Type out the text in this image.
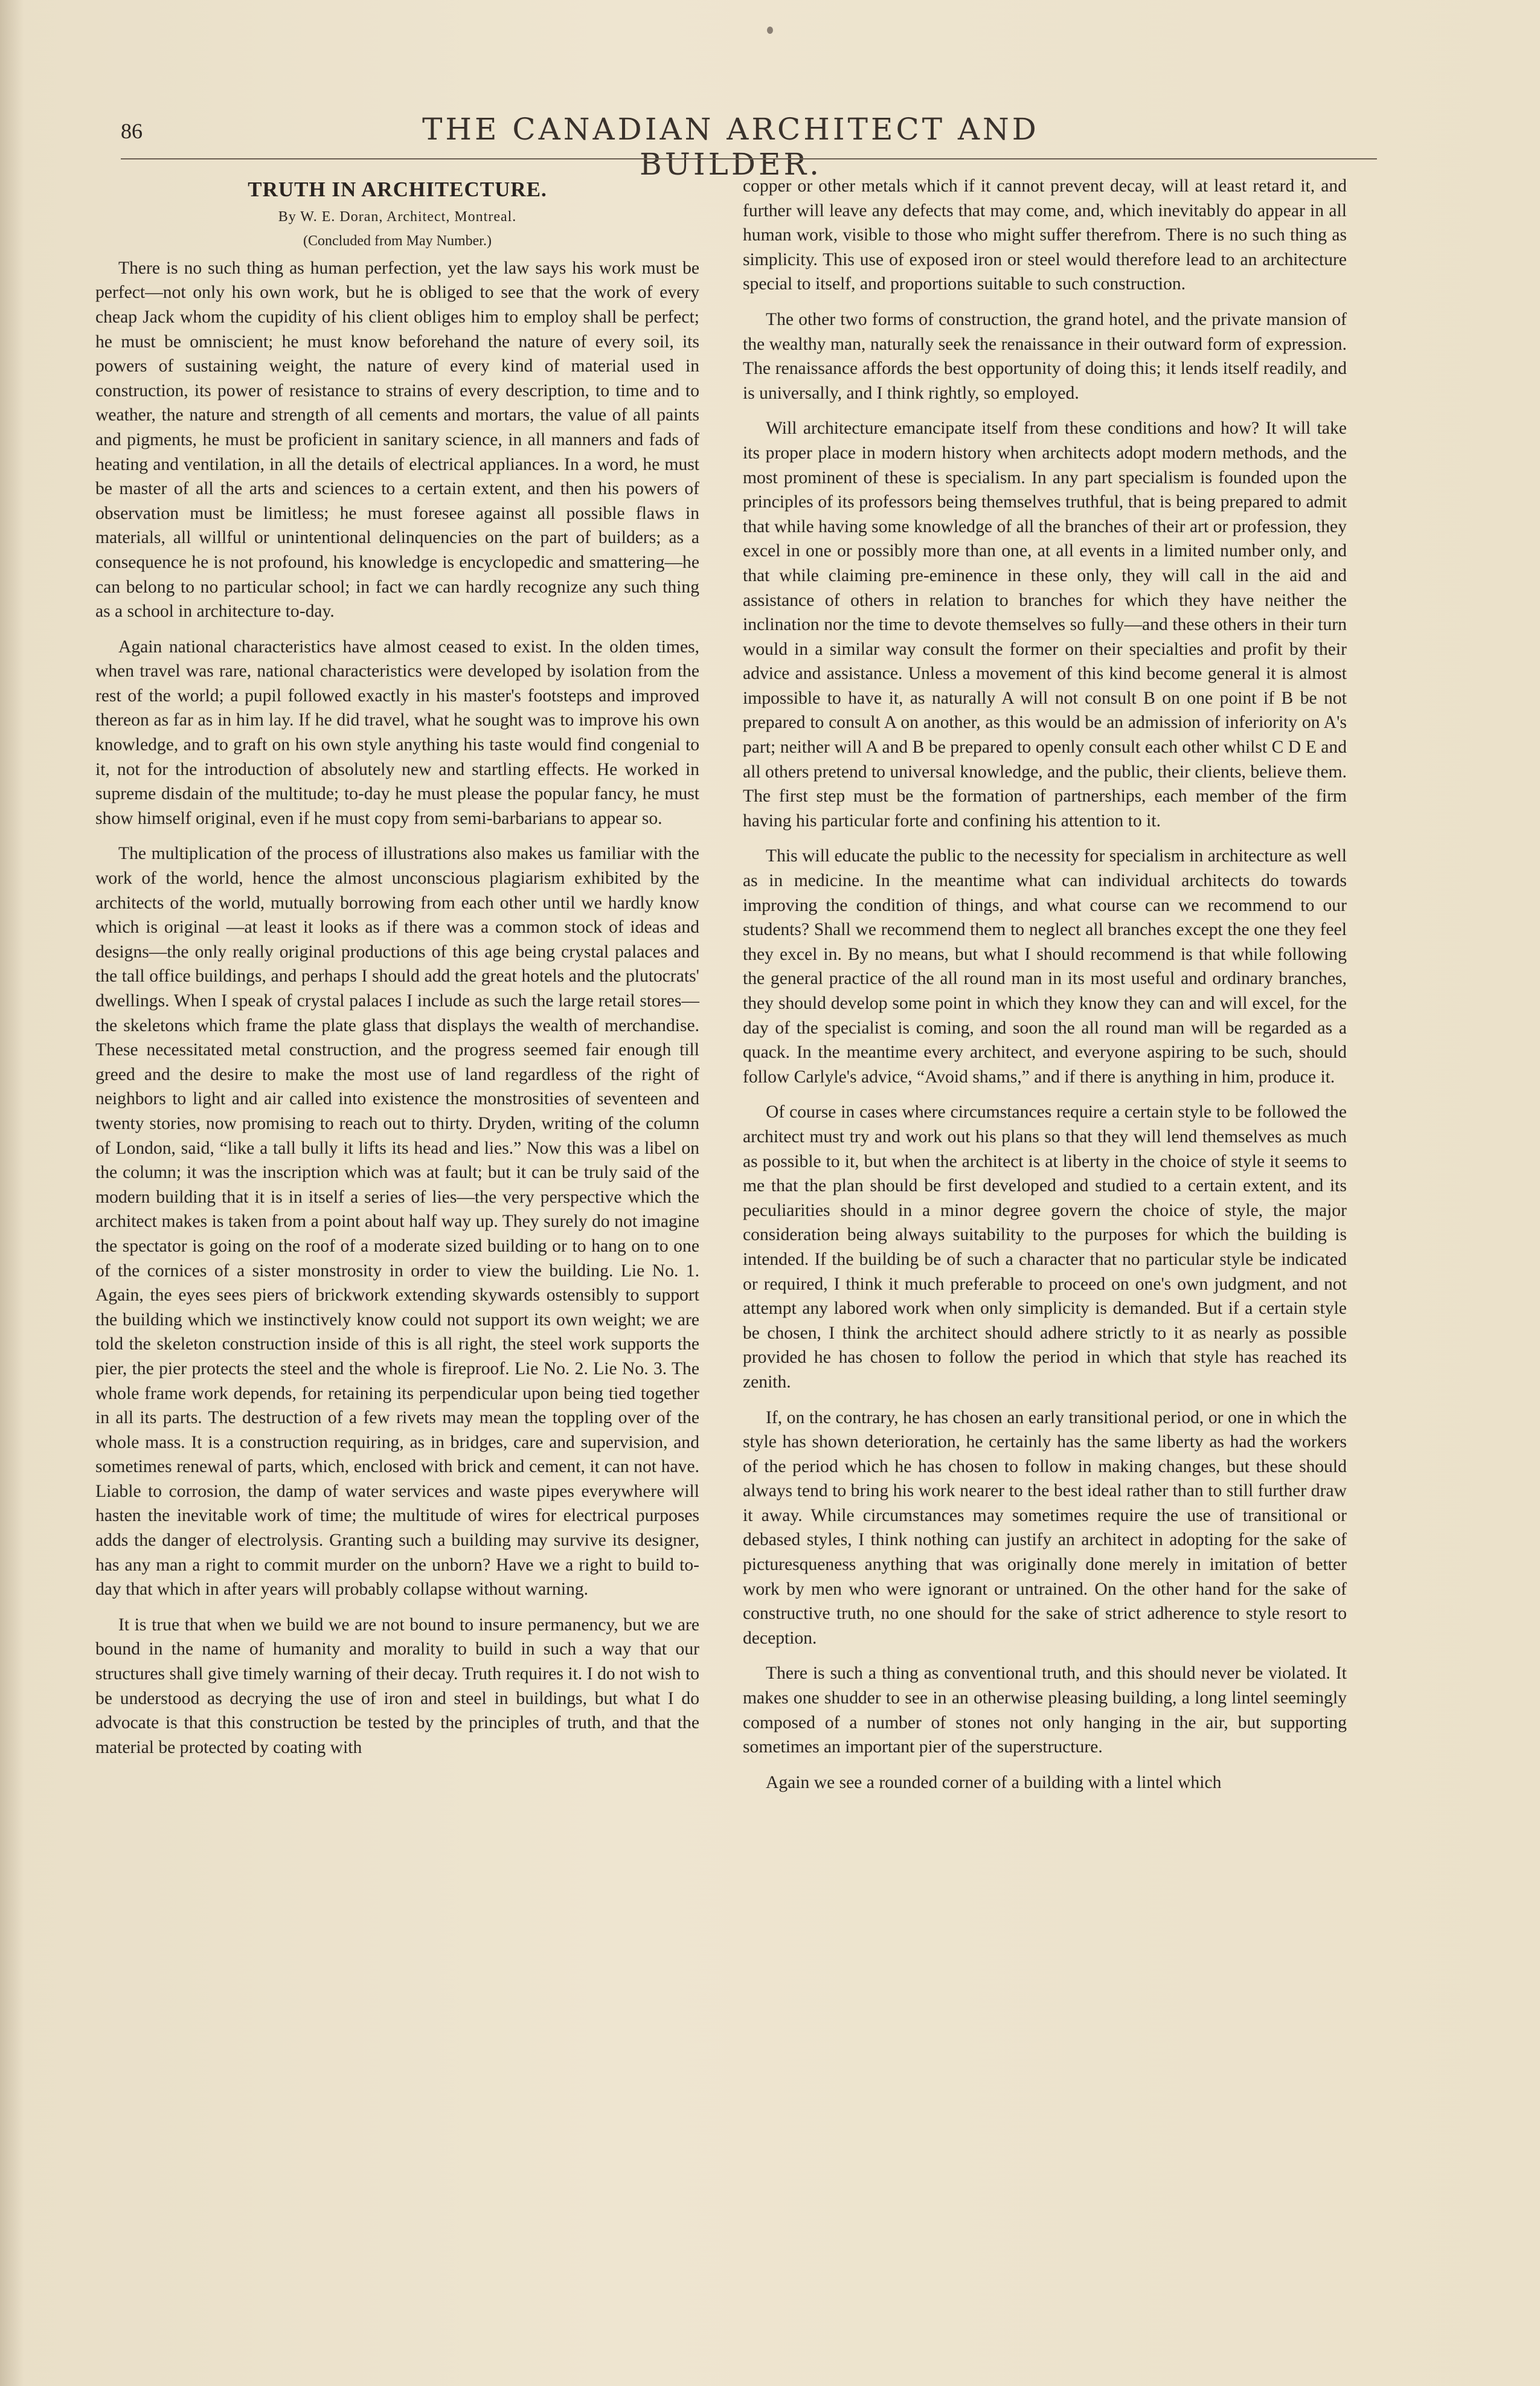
86	THE CANADIAN ARCHITECT AND BUILDER.
TRUTH IN ARCHITECTURE.
By W. E. Doran, Architect, Montreal.
(Concluded from May Number.)

There is no such thing as human perfection, yet the law says his work must be perfect—not only his own work, but he is obliged to see that the work of every cheap Jack whom the cupidity of his client obliges him to employ shall be perfect; he must be omniscient; he must know beforehand the nature of every soil, its powers of sustaining weight, the nature of every kind of material used in construction, its power of resistance to strains of every description, to time and to weather, the nature and strength of all cements and mortars, the value of all paints and pigments, he must be proficient in sanitary science, in all manners and fads of heating and ventilation, in all the details of electrical appliances. In a word, he must be master of all the arts and sciences to a certain extent, and then his powers of observation must be limitless; he must foresee against all possible flaws in materials, all willful or unintentional delinquencies on the part of builders; as a consequence he is not profound, his knowledge is encyclopedic and smattering—he can belong to no particular school; in fact we can hardly recognize any such thing as a school in architecture to-day.

Again national characteristics have almost ceased to exist. In the olden times, when travel was rare, national characteristics were developed by isolation from the rest of the world; a pupil followed exactly in his master's footsteps and improved thereon as far as in him lay. If he did travel, what he sought was to improve his own knowledge, and to graft on his own style anything his taste would find congenial to it, not for the introduction of absolutely new and startling effects. He worked in supreme disdain of the multitude; to-day he must please the popular fancy, he must show himself original, even if he must copy from semi-barbarians to appear so.

The multiplication of the process of illustrations also makes us familiar with the work of the world, hence the almost unconscious plagiarism exhibited by the architects of the world, mutually borrowing from each other until we hardly know which is original —at least it looks as if there was a common stock of ideas and designs—the only really original productions of this age being crystal palaces and the tall office buildings, and perhaps I should add the great hotels and the plutocrats' dwellings. When I speak of crystal palaces I include as such the large retail stores—the skeletons which frame the plate glass that displays the wealth of merchandise. These necessitated metal construction, and the progress seemed fair enough till greed and the desire to make the most use of land regardless of the right of neighbors to light and air called into existence the monstrosities of seventeen and twenty stories, now promising to reach out to thirty. Dryden, writing of the column of London, said, “like a tall bully it lifts its head and lies.” Now this was a libel on the column; it was the inscription which was at fault; but it can be truly said of the modern building that it is in itself a series of lies—the very perspective which the architect makes is taken from a point about half way up. They surely do not imagine the spectator is going on the roof of a moderate sized building or to hang on to one of the cornices of a sister monstrosity in order to view the building. Lie No. 1. Again, the eyes sees piers of brickwork extending skywards ostensibly to support the building which we instinctively know could not support its own weight; we are told the skeleton construction inside of this is all right, the steel work supports the pier, the pier protects the steel and the whole is fireproof. Lie No. 2. Lie No. 3. The whole frame work depends, for retaining its perpendicular upon being tied together in all its parts. The destruction of a few rivets may mean the toppling over of the whole mass. It is a construction requiring, as in bridges, care and supervision, and sometimes renewal of parts, which, enclosed with brick and cement, it can not have. Liable to corrosion, the damp of water services and waste pipes everywhere will hasten the inevitable work of time; the multitude of wires for electrical purposes adds the danger of electrolysis. Granting such a building may survive its designer, has any man a right to commit murder on the unborn? Have we a right to build to-day that which in after years will probably collapse without warning.

It is true that when we build we are not bound to insure permanency, but we are bound in the name of humanity and morality to build in such a way that our structures shall give timely warning of their decay. Truth requires it. I do not wish to be understood as decrying the use of iron and steel in buildings, but what I do advocate is that this construction be tested by the principles of truth, and that the material be protected by coating with

copper or other metals which if it cannot prevent decay, will at least retard it, and further will leave any defects that may come, and, which inevitably do appear in all human work, visible to those who might suffer therefrom. There is no such thing as simplicity. This use of exposed iron or steel would therefore lead to an architecture special to itself, and proportions suitable to such construction.

The other two forms of construction, the grand hotel, and the private mansion of the wealthy man, naturally seek the renaissance in their outward form of expression. The renaissance affords the best opportunity of doing this; it lends itself readily, and is universally, and I think rightly, so employed.

Will architecture emancipate itself from these conditions and how? It will take its proper place in modern history when architects adopt modern methods, and the most prominent of these is specialism. In any part specialism is founded upon the principles of its professors being themselves truthful, that is being prepared to admit that while having some knowledge of all the branches of their art or profession, they excel in one or possibly more than one, at all events in a limited number only, and that while claiming pre-eminence in these only, they will call in the aid and assistance of others in relation to branches for which they have neither the inclination nor the time to devote themselves so fully—and these others in their turn would in a similar way consult the former on their specialties and profit by their advice and assistance. Unless a movement of this kind become general it is almost impossible to have it, as naturally A will not consult B on one point if B be not prepared to consult A on another, as this would be an admission of inferiority on A's part; neither will A and B be prepared to openly consult each other whilst C D E and all others pretend to universal knowledge, and the public, their clients, believe them. The first step must be the formation of partnerships, each member of the firm having his particular forte and confining his attention to it.

This will educate the public to the necessity for specialism in architecture as well as in medicine. In the meantime what can individual architects do towards improving the condition of things, and what course can we recommend to our students? Shall we recommend them to neglect all branches except the one they feel they excel in. By no means, but what I should recommend is that while following the general practice of the all round man in its most useful and ordinary branches, they should develop some point in which they know they can and will excel, for the day of the specialist is coming, and soon the all round man will be regarded as a quack. In the meantime every architect, and everyone aspiring to be such, should follow Carlyle's advice, “Avoid shams,” and if there is anything in him, produce it.

Of course in cases where circumstances require a certain style to be followed the architect must try and work out his plans so that they will lend themselves as much as possible to it, but when the architect is at liberty in the choice of style it seems to me that the plan should be first developed and studied to a certain extent, and its peculiarities should in a minor degree govern the choice of style, the major consideration being always suitability to the purposes for which the building is intended. If the building be of such a character that no particular style be indicated or required, I think it much preferable to proceed on one's own judgment, and not attempt any labored work when only simplicity is demanded. But if a certain style be chosen, I think the architect should adhere strictly to it as nearly as possible provided he has chosen to follow the period in which that style has reached its zenith.

If, on the contrary, he has chosen an early transitional period, or one in which the style has shown deterioration, he certainly has the same liberty as had the workers of the period which he has chosen to follow in making changes, but these should always tend to bring his work nearer to the best ideal rather than to still further draw it away. While circumstances may sometimes require the use of transitional or debased styles, I think nothing can justify an architect in adopting for the sake of picturesqueness anything that was originally done merely in imitation of better work by men who were ignorant or untrained. On the other hand for the sake of constructive truth, no one should for the sake of strict adherence to style resort to deception.

There is such a thing as conventional truth, and this should never be violated. It makes one shudder to see in an otherwise pleasing building, a long lintel seemingly composed of a number of stones not only hanging in the air, but supporting sometimes an important pier of the superstructure.

Again we see a rounded corner of a building with a lintel which
